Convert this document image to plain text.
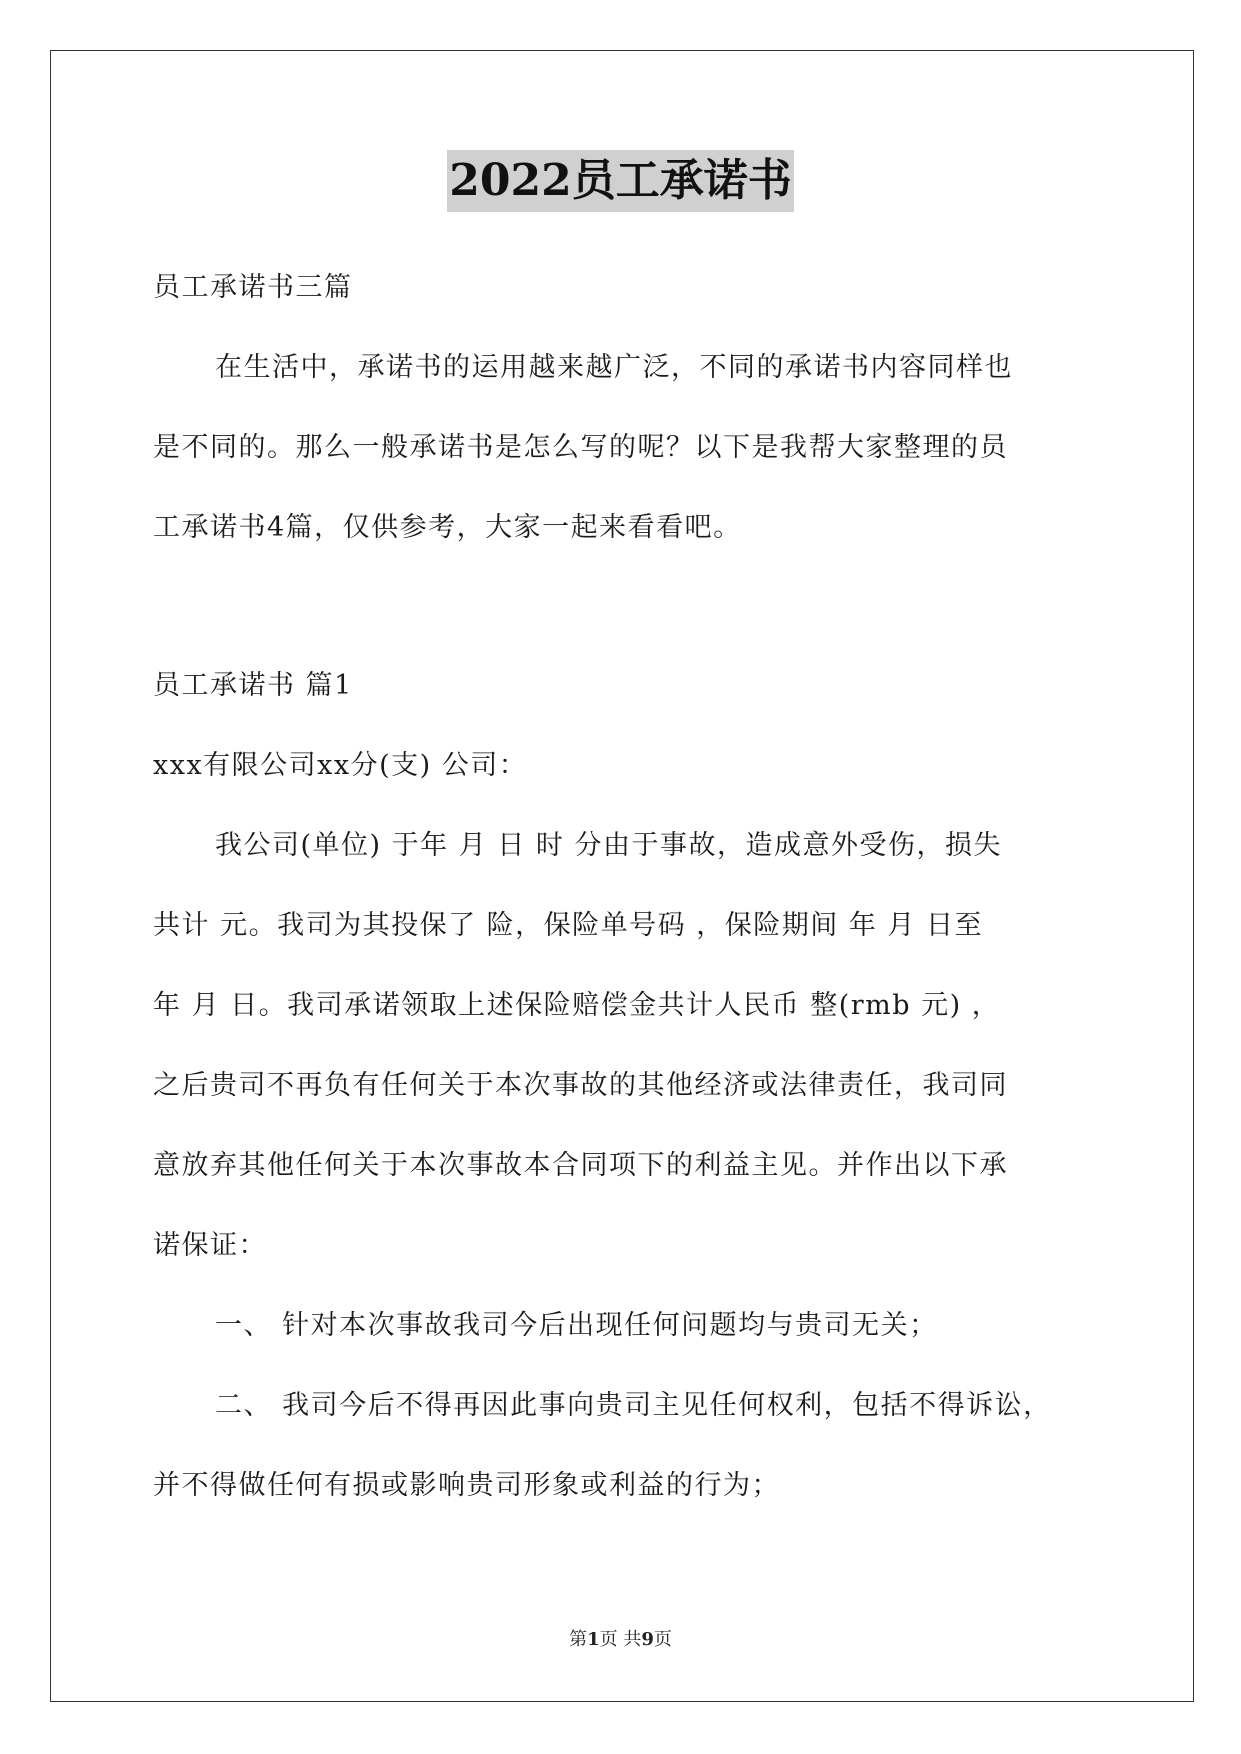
2022员工承诺书
员工承诺书三篇
在生活中，承诺书的运用越来越广泛，不同的承诺书内容同样也
是不同的。那么一般承诺书是怎么写的呢？以下是我帮大家整理的员
工承诺书4篇，仅供参考，大家一起来看看吧。
员工承诺书 篇1
xxx有限公司xx分(支) 公司：
我公司(单位) 于年 月 日 时 分由于事故，造成意外受伤，损失
共计 元。我司为其投保了 险，保险单号码 ，保险期间 年 月 日至
年 月 日。我司承诺领取上述保险赔偿金共计人民币 整(rmb 元) ，
之后贵司不再负有任何关于本次事故的其他经济或法律责任，我司同
意放弃其他任何关于本次事故本合同项下的利益主见。并作出以下承
诺保证：
一、 针对本次事故我司今后出现任何问题均与贵司无关；
二、 我司今后不得再因此事向贵司主见任何权利，包括不得诉讼，
并不得做任何有损或影响贵司形象或利益的行为；
第1页 共9页
